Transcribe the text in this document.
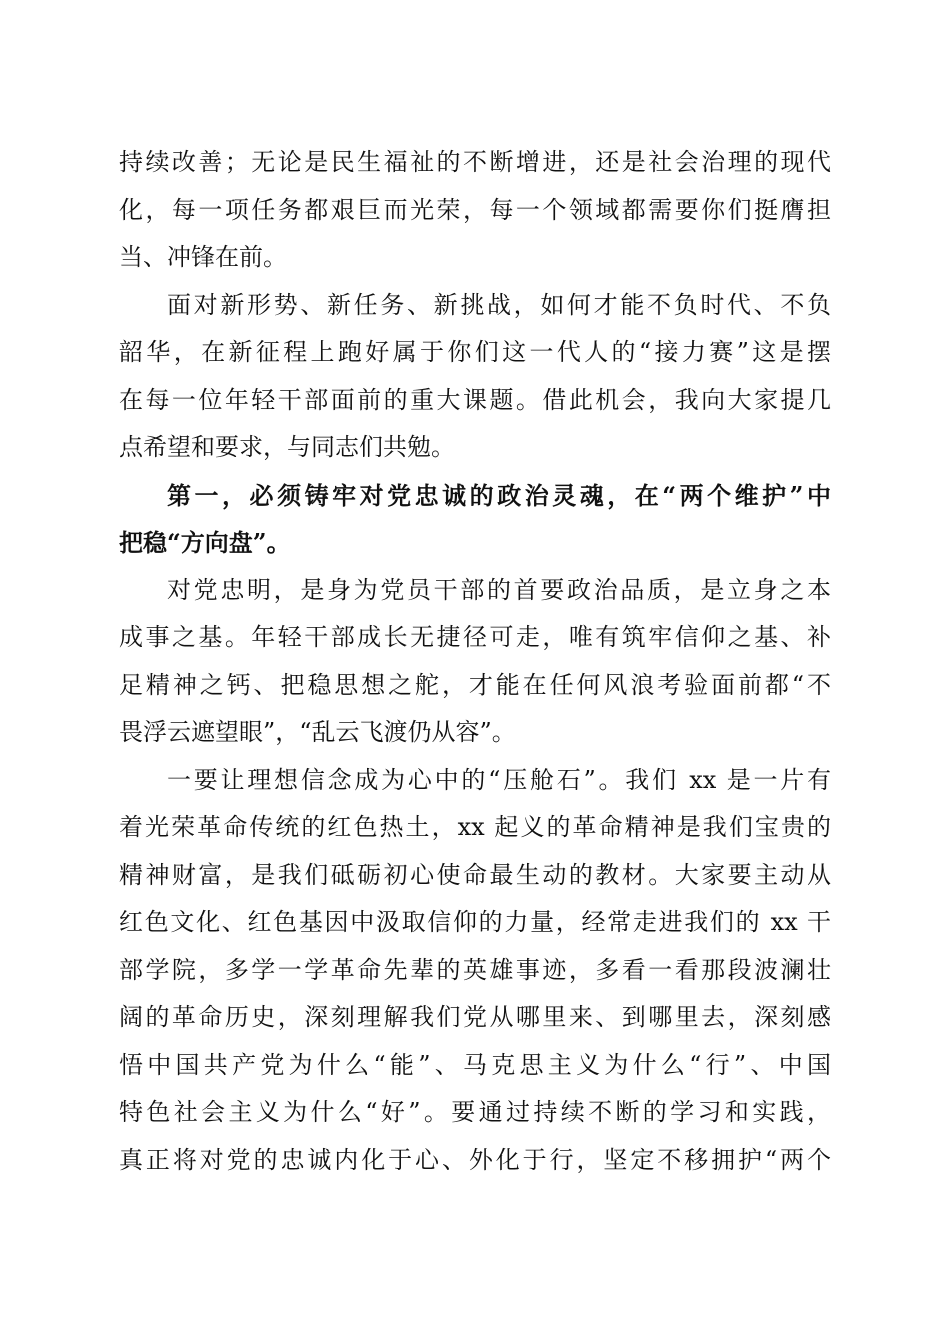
持续改善；无论是民生福祉的不断增进，还是社会治理的现代
化，每一项任务都艰巨而光荣，每一个领域都需要你们挺膺担
当、冲锋在前。
面对新形势、新任务、新挑战，如何才能不负时代、不负
韶华，在新征程上跑好属于你们这一代人的“接力赛”这是摆
在每一位年轻干部面前的重大课题。借此机会，我向大家提几
点希望和要求，与同志们共勉。
第一，必须铸牢对党忠诚的政治灵魂，在“两个维护”中
把稳“方向盘”。
对党忠明，是身为党员干部的首要政治品质，是立身之本
成事之基。年轻干部成长无捷径可走，唯有筑牢信仰之基、补
足精神之钙、把稳思想之舵，才能在任何风浪考验面前都“不
畏浮云遮望眼”，“乱云飞渡仍从容”。
一要让理想信念成为心中的“压舱石”。我们 xx 是一片有
着光荣革命传统的红色热土，xx 起义的革命精神是我们宝贵的
精神财富，是我们砥砺初心使命最生动的教材。大家要主动从
红色文化、红色基因中汲取信仰的力量，经常走进我们的 xx 干
部学院，多学一学革命先辈的英雄事迹，多看一看那段波澜壮
阔的革命历史，深刻理解我们党从哪里来、到哪里去，深刻感
悟中国共产党为什么“能”、马克思主义为什么“行”、中国
特色社会主义为什么“好”。要通过持续不断的学习和实践，
真正将对党的忠诚内化于心、外化于行，坚定不移拥护“两个
